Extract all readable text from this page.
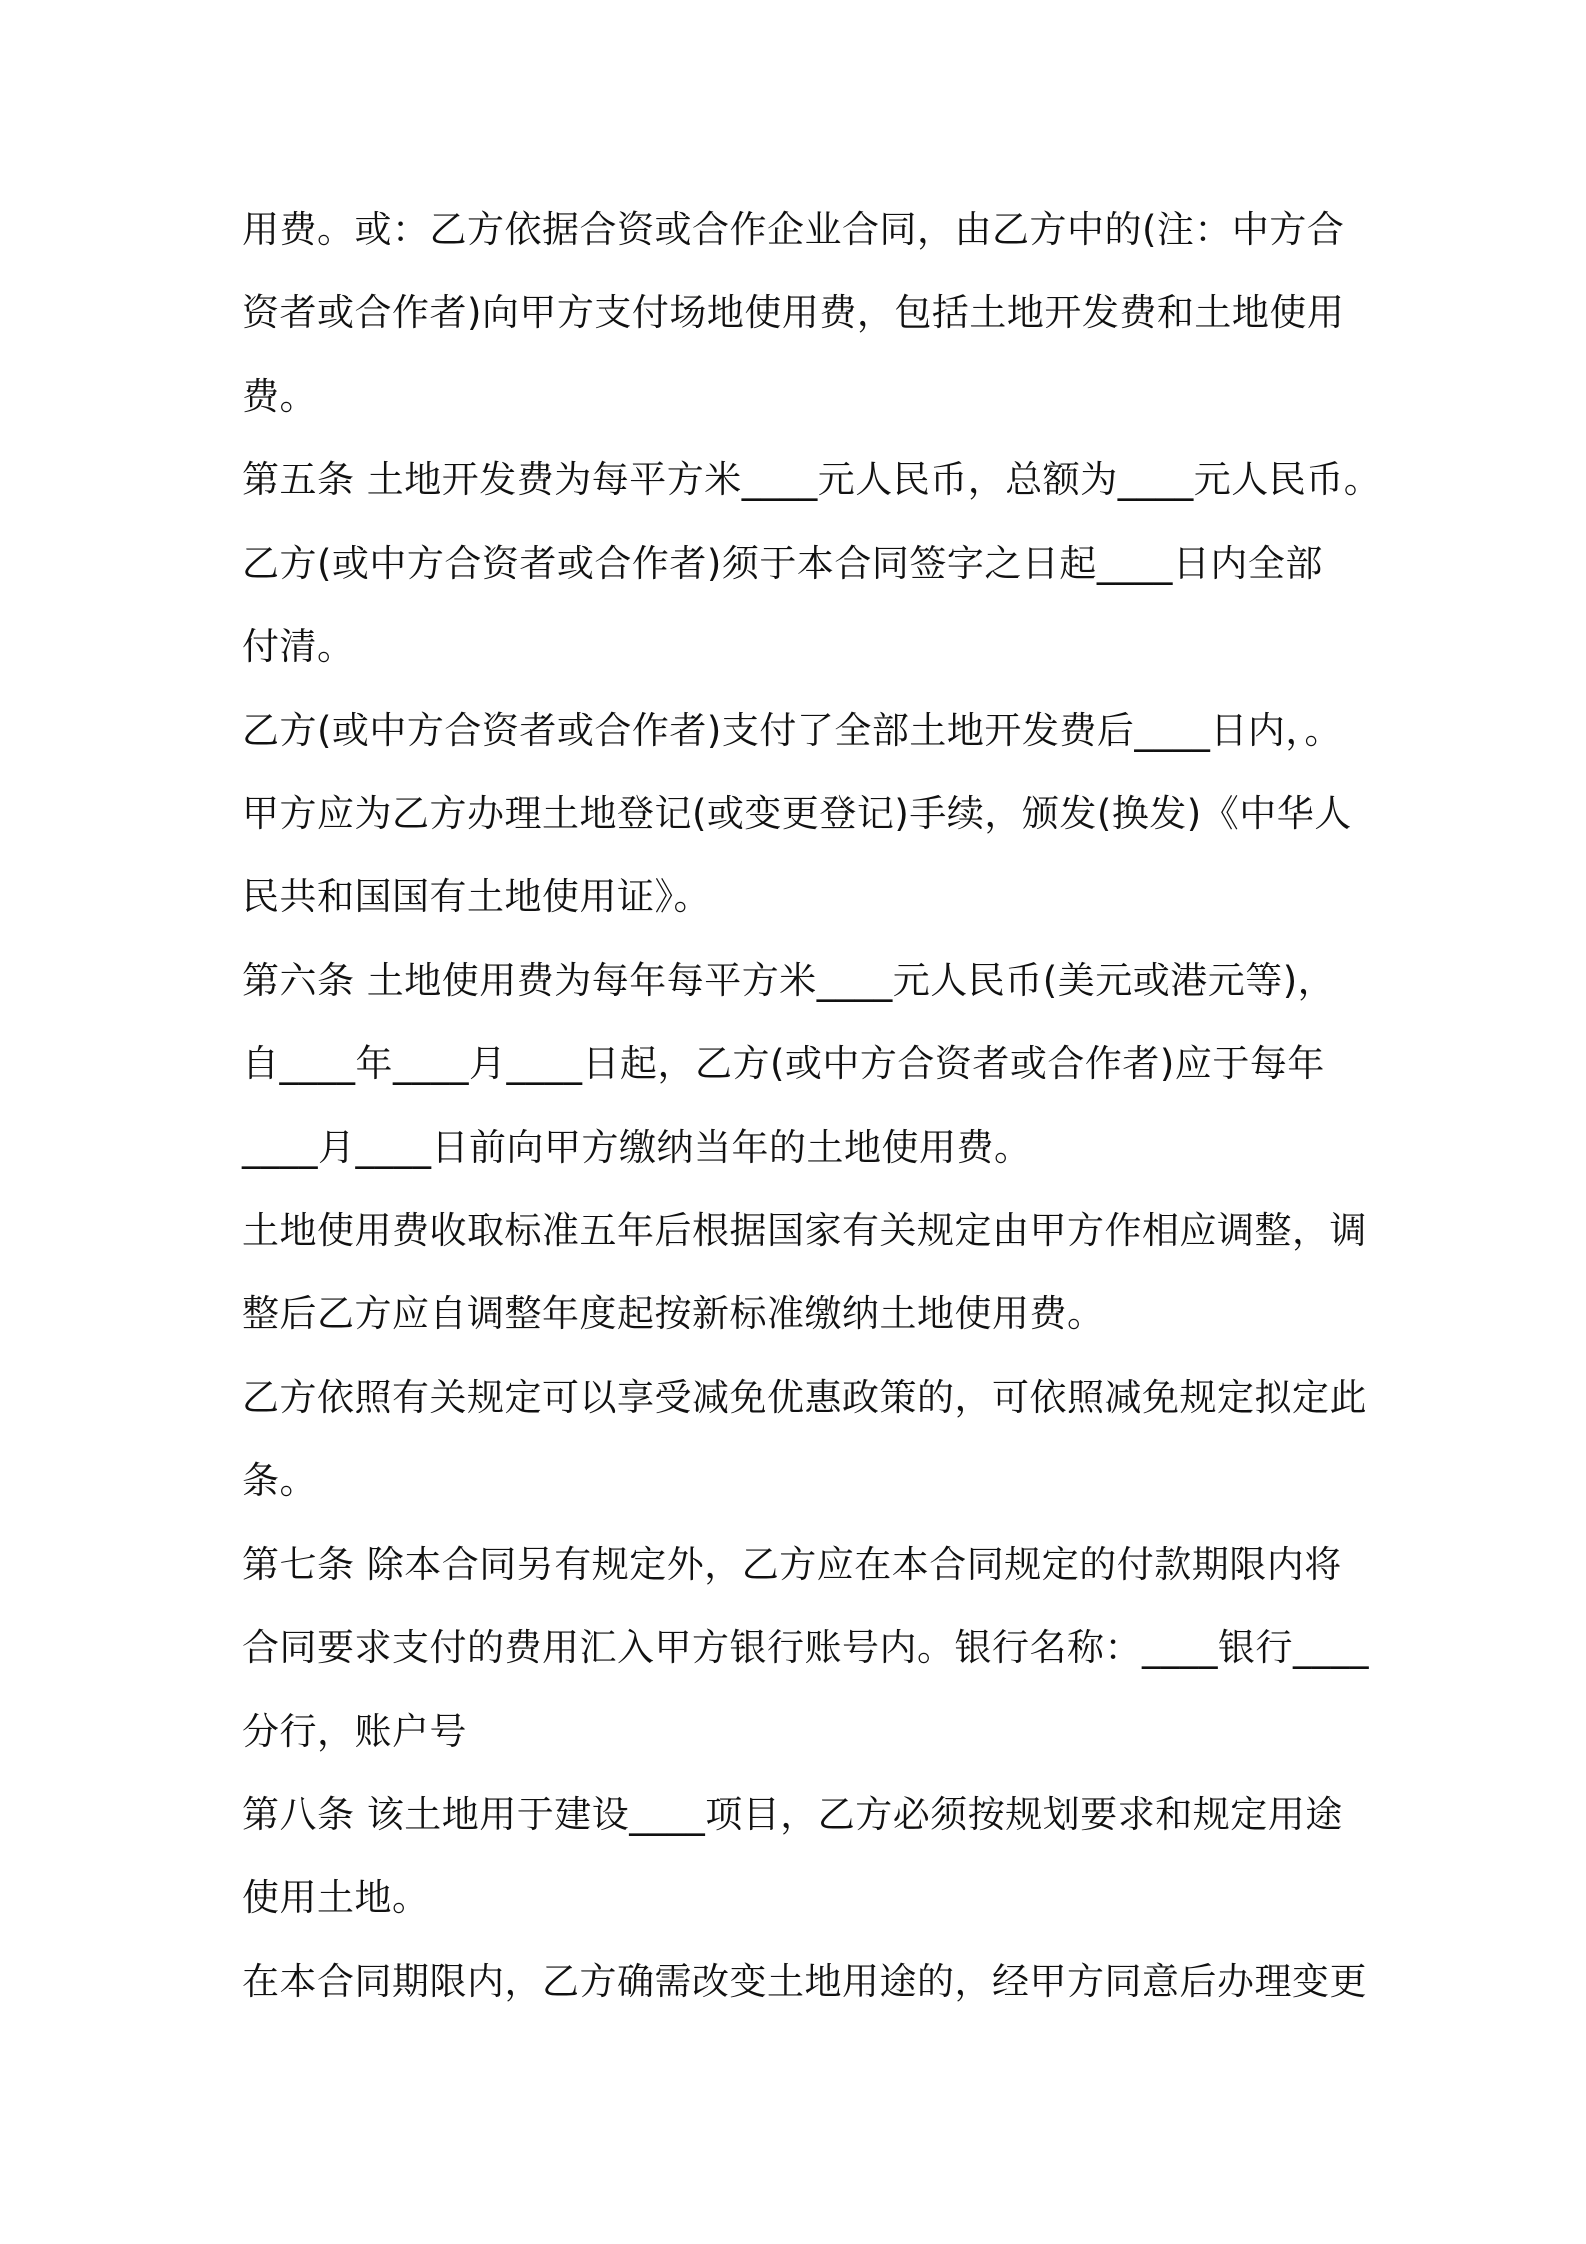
用费。或：乙方依据合资或合作企业合同，由乙方中的(注：中方合
资者或合作者)向甲方支付场地使用费，包括土地开发费和土地使用
费。
第五条 土地开发费为每平方米____元人民币，总额为____元人民币。
乙方(或中方合资者或合作者)须于本合同签字之日起____日内全部
付清。
乙方(或中方合资者或合作者)支付了全部土地开发费后____日内，。
甲方应为乙方办理土地登记(或变更登记)手续，颁发(换发)《中华人
民共和国国有土地使用证》。
第六条 土地使用费为每年每平方米____元人民币(美元或港元等)，
自____年____月____日起，乙方(或中方合资者或合作者)应于每年
____月____日前向甲方缴纳当年的土地使用费。
土地使用费收取标准五年后根据国家有关规定由甲方作相应调整，调
整后乙方应自调整年度起按新标准缴纳土地使用费。
乙方依照有关规定可以享受减免优惠政策的，可依照减免规定拟定此
条。
第七条 除本合同另有规定外，乙方应在本合同规定的付款期限内将
合同要求支付的费用汇入甲方银行账号内。银行名称：____银行____
分行，账户号
第八条 该土地用于建设____项目，乙方必须按规划要求和规定用途
使用土地。
在本合同期限内，乙方确需改变土地用途的，经甲方同意后办理变更
